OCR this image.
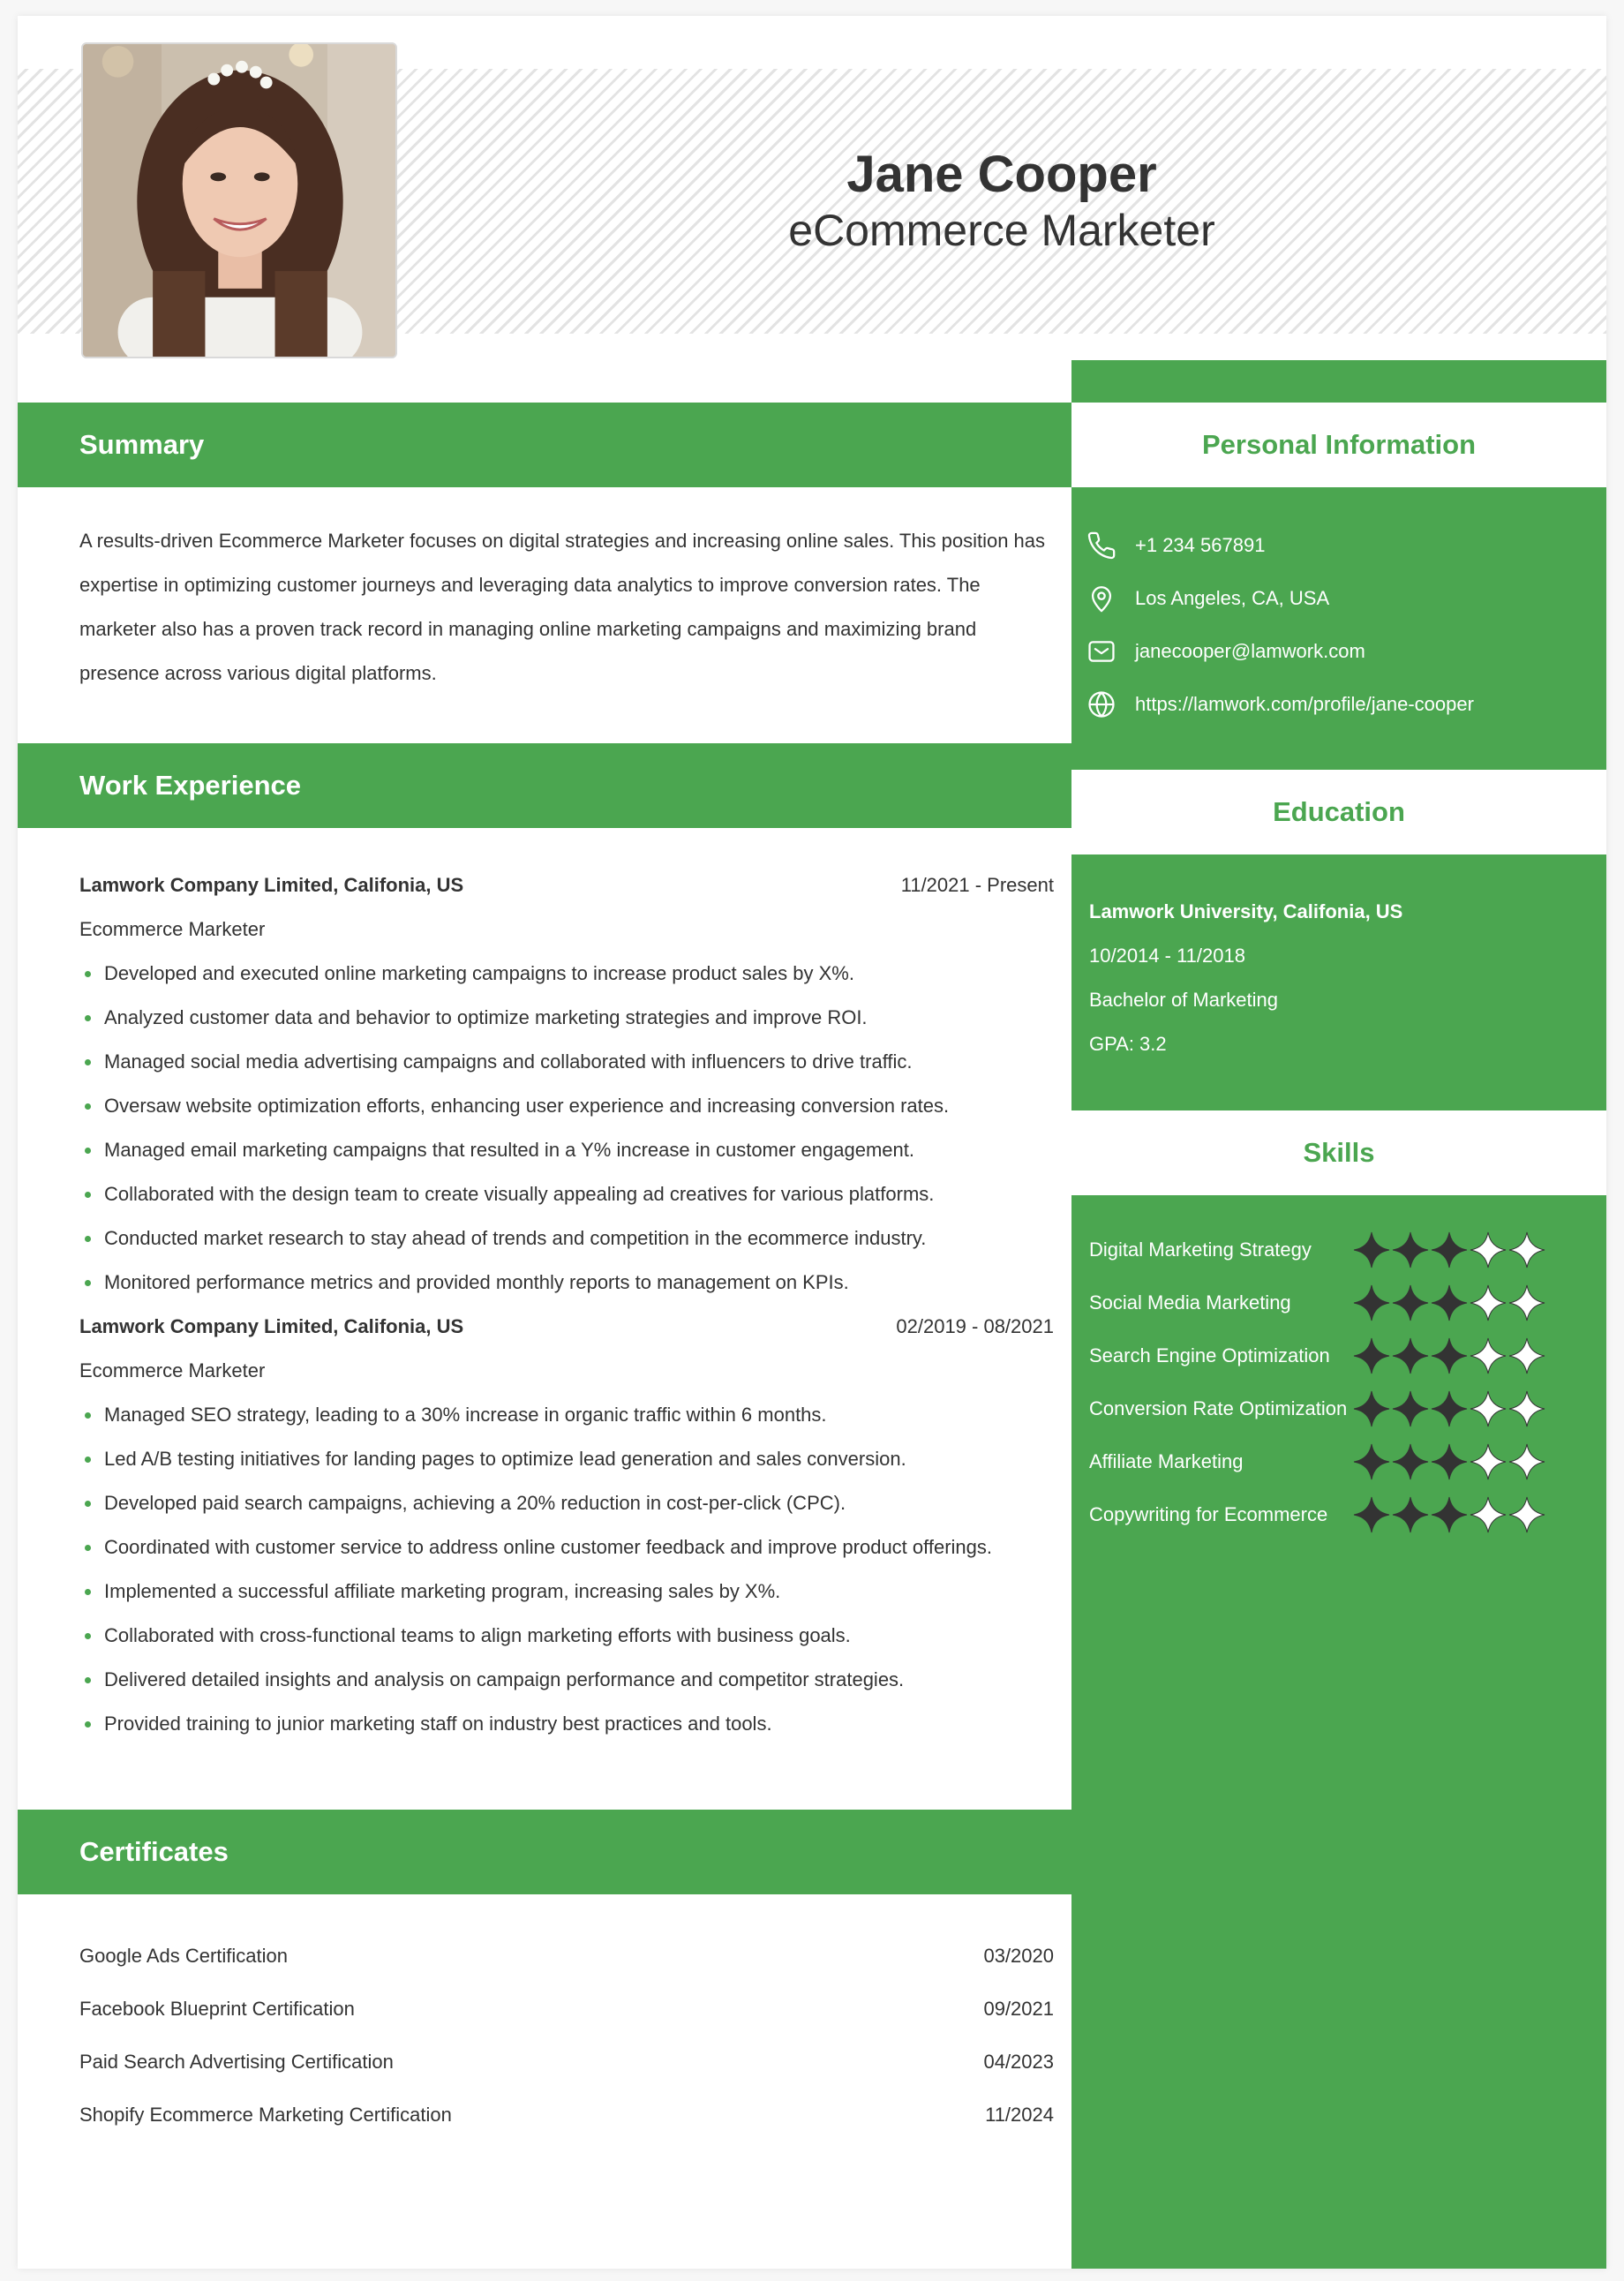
Jane Cooper
eCommerce Marketer
Summary

A results-driven Ecommerce Marketer focuses on digital strategies and increasing online sales. This position has expertise in optimizing customer journeys and leveraging data analytics to improve conversion rates. The marketer also has a proven track record in managing online marketing campaigns and maximizing brand presence across various digital platforms.

Work Experience
Lamwork Company Limited, Califonia, US	11/2021 - Present
Ecommerce Marketer
Developed and executed online marketing campaigns to increase product sales by X%.
Analyzed customer data and behavior to optimize marketing strategies and improve ROI.
Managed social media advertising campaigns and collaborated with influencers to drive traffic.
Oversaw website optimization efforts, enhancing user experience and increasing conversion rates.
Managed email marketing campaigns that resulted in a Y% increase in customer engagement.
Collaborated with the design team to create visually appealing ad creatives for various platforms.
Conducted market research to stay ahead of trends and competition in the ecommerce industry.
Monitored performance metrics and provided monthly reports to management on KPIs.
Lamwork Company Limited, Califonia, US	02/2019 - 08/2021
Ecommerce Marketer
Managed SEO strategy, leading to a 30% increase in organic traffic within 6 months.
Led A/B testing initiatives for landing pages to optimize lead generation and sales conversion.
Developed paid search campaigns, achieving a 20% reduction in cost-per-click (CPC).
Coordinated with customer service to address online customer feedback and improve product offerings.
Implemented a successful affiliate marketing program, increasing sales by X%.
Collaborated with cross-functional teams to align marketing efforts with business goals.
Delivered detailed insights and analysis on campaign performance and competitor strategies.
Provided training to junior marketing staff on industry best practices and tools.
Certificates
Google Ads Certification	03/2020
Facebook Blueprint Certification	09/2021
Paid Search Advertising Certification	04/2023
Shopify Ecommerce Marketing Certification	11/2024
Personal Information
+1 234 567891
Los Angeles, CA, USA
janecooper@lamwork.com
https://lamwork.com/profile/jane-cooper
Education
Lamwork University, Califonia, US
10/2014 - 11/2018
Bachelor of Marketing
GPA: 3.2
Skills
Digital Marketing Strategy
Social Media Marketing
Search Engine Optimization
Conversion Rate Optimization
Affiliate Marketing
Copywriting for Ecommerce
